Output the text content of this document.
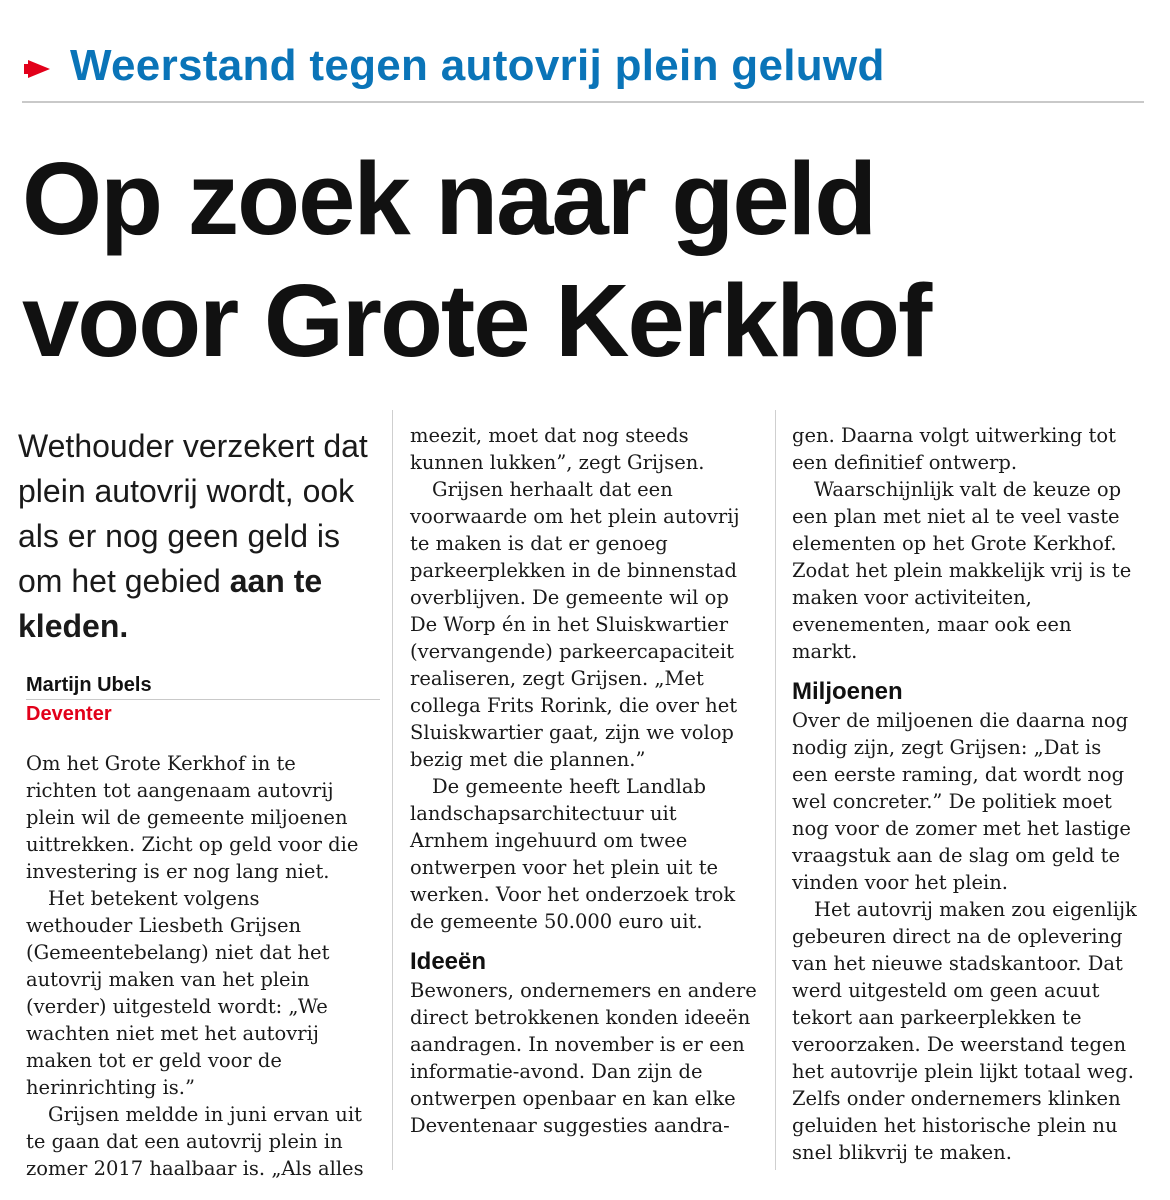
Weerstand tegen autovrij plein geluwd
Op zoek naar geld
voor Grote Kerkhof
Wethouder verzekert dat plein autovrij wordt, ook als er nog geen geld is om het gebied aan te kleden.
Martijn Ubels
Deventer

Om het Grote Kerkhof in te richten tot aangenaam autovrij plein wil de gemeente miljoenen uittrekken. Zicht op geld voor die investering is er nog lang niet.

Het betekent volgens wethouder Liesbeth Grijsen (Gemeentebelang) niet dat het autovrij maken van het plein (verder) uitgesteld wordt: „We wachten niet met het autovrij maken tot er geld voor de herinrichting is.”

Grijsen meldde in juni ervan uit te gaan dat een autovrij plein in zomer 2017 haalbaar is. „Als alles

meezit, moet dat nog steeds kunnen lukken”, zegt Grijsen.

Grijsen herhaalt dat een voorwaarde om het plein autovrij te maken is dat er genoeg parkeerplekken in de binnenstad overblijven. De gemeente wil op De Worp én in het Sluiskwartier (vervangende) parkeercapaciteit realiseren, zegt Grijsen. „Met collega Frits Rorink, die over het Sluiskwartier gaat, zijn we volop bezig met die plannen.”

De gemeente heeft Landlab landschapsarchitectuur uit Arnhem ingehuurd om twee ontwerpen voor het plein uit te werken. Voor het onderzoek trok de gemeente 50.000 euro uit.

Ideeën

Bewoners, ondernemers en andere direct betrokkenen konden ideeën aandragen. In november is er een informatie-avond. Dan zijn de ontwerpen openbaar en kan elke Deventenaar suggesties aandra-

gen. Daarna volgt uitwerking tot een definitief ontwerp.

Waarschijnlijk valt de keuze op een plan met niet al te veel vaste elementen op het Grote Kerkhof. Zodat het plein makkelijk vrij is te maken voor activiteiten, evenementen, maar ook een markt.

Miljoenen

Over de miljoenen die daarna nog nodig zijn, zegt Grijsen: „Dat is een eerste raming, dat wordt nog wel concreter.” De politiek moet nog voor de zomer met het lastige vraagstuk aan de slag om geld te vinden voor het plein.

Het autovrij maken zou eigenlijk gebeuren direct na de oplevering van het nieuwe stadskantoor. Dat werd uitgesteld om geen acuut tekort aan parkeerplekken te veroorzaken. De weerstand tegen het autovrije plein lijkt totaal weg. Zelfs onder ondernemers klinken geluiden het historische plein nu snel blikvrij te maken.
